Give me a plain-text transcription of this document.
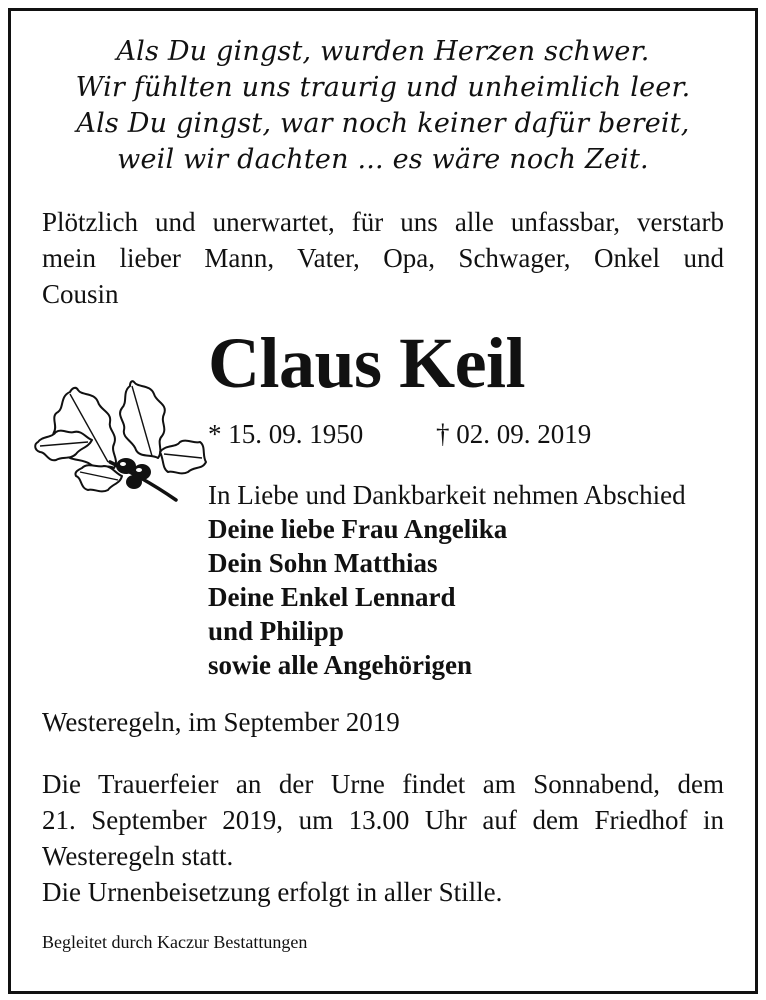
Als Du gingst, wurden Herzen schwer.
Wir fühlten uns traurig und unheimlich leer.
Als Du gingst, war noch keiner dafür bereit,
weil wir dachten ... es wäre noch Zeit.
Plötzlich und unerwartet, für uns alle unfassbar, verstarb
mein lieber Mann, Vater, Opa, Schwager, Onkel und
Cousin
Claus Keil
* 15. 09. 1950	† 02. 09. 2019
In Liebe und Dankbarkeit nehmen Abschied
Deine liebe Frau Angelika
Dein Sohn Matthias
Deine Enkel Lennard
und Philipp
sowie alle Angehörigen
Westeregeln, im September 2019
Die Trauerfeier an der Urne findet am Sonnabend, dem
21. September 2019, um 13.00 Uhr auf dem Friedhof in
Westeregeln statt.
Die Urnenbeisetzung erfolgt in aller Stille.
Begleitet durch Kaczur Bestattungen
